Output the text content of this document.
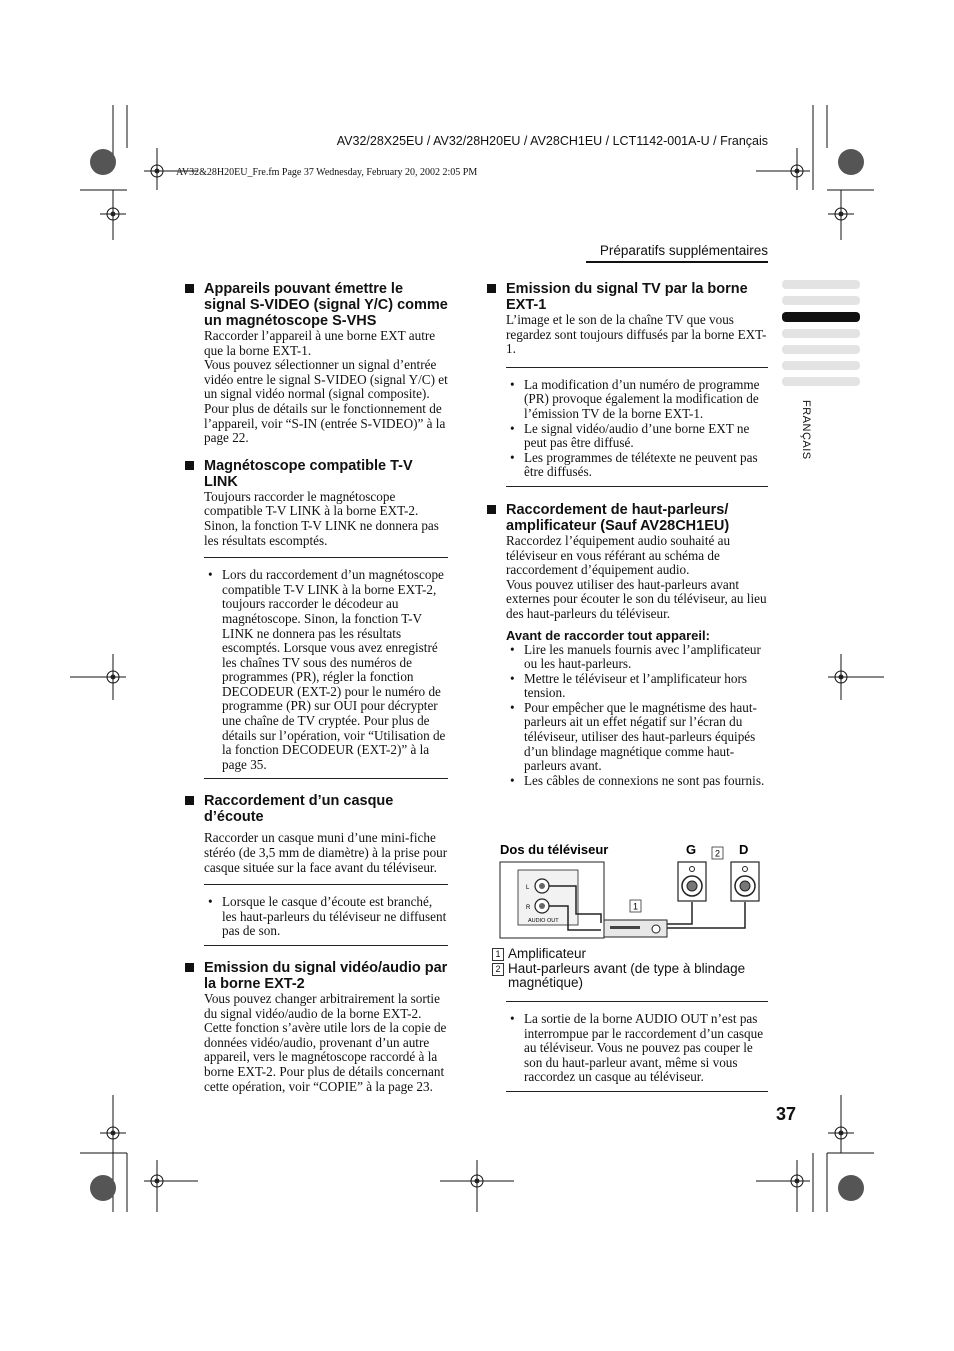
AV32/28X25EU / AV32/28H20EU / AV28CH1EU / LCT1142-001A-U / Français
AV32&28H20EU_Fre.fm Page 37 Wednesday, February 20, 2002 2:05 PM
Préparatifs supplémentaires
FRANÇAIS

Appareils pouvant émettre le signal S-VIDEO (signal Y/C) comme un magnétoscope S-VHS

Raccorder l’appareil à une borne EXT autre que la borne EXT-1.

Vous pouvez sélectionner un signal d’entrée vidéo entre le signal S-VIDEO (signal Y/C) et un signal vidéo normal (signal composite). Pour plus de détails sur le fonctionnement de l’appareil, voir “S-IN (entrée S-VIDEO)” à la page 22.

Magnétoscope compatible T-V LINK

Toujours raccorder le magnétoscope compatible T-V LINK à la borne EXT-2. Sinon, la fonction T-V LINK ne donnera pas les résultats escomptés.

• Lors du raccordement d’un magnétoscope compatible T-V LINK à la borne EXT-2, toujours raccorder le décodeur au magnétoscope. Sinon, la fonction T-V LINK ne donnera pas les résultats escomptés. Lorsque vous avez enregistré les chaînes TV sous des numéros de programmes (PR), régler la fonction DECODEUR (EXT-2) pour le numéro de programme (PR) sur OUI pour décrypter une chaîne de TV cryptée. Pour plus de détails sur l’opération, voir “Utilisation de la fonction DECODEUR (EXT-2)” à la page 35.

Raccordement d’un casque d’écoute

Raccorder un casque muni d’une mini-fiche stéréo (de 3,5 mm de diamètre) à la prise pour casque située sur la face avant du téléviseur.

• Lorsque le casque d’écoute est branché, les haut-parleurs du téléviseur ne diffusent pas de son.

Emission du signal vidéo/audio par la borne EXT-2

Vous pouvez changer arbitrairement la sortie du signal vidéo/audio de la borne EXT-2. Cette fonction s’avère utile lors de la copie de données vidéo/audio, provenant d’un autre appareil, vers le magnétoscope raccordé à la borne EXT-2. Pour plus de détails concernant cette opération, voir “COPIE” à la page 23.

Emission du signal TV par la borne EXT-1

L’image et le son de la chaîne TV que vous regardez sont toujours diffusés par la borne EXT-1.

• La modification d’un numéro de programme (PR) provoque également la modification de l’émission TV de la borne EXT-1.
• Le signal vidéo/audio d’une borne EXT ne peut pas être diffusé.
• Les programmes de télétexte ne peuvent pas être diffusés.

Raccordement de haut-parleurs/ amplificateur (Sauf AV28CH1EU)

Raccordez l’équipement audio souhaité au téléviseur en vous référant au schéma de raccordement d’équipement audio.

Vous pouvez utiliser des haut-parleurs avant externes pour écouter le son du téléviseur, au lieu des haut-parleurs du téléviseur.

Avant de raccorder tout appareil:

• Lire les manuels fournis avec l’amplificateur ou les haut-parleurs.
• Mettre le téléviseur et l’amplificateur hors tension.
• Pour empêcher que le magnétisme des haut-parleurs ait un effet négatif sur l’écran du téléviseur, utiliser des haut-parleurs équipés d’un blindage magnétique comme haut-parleurs avant.
• Les câbles de connexions ne sont pas fournis.
Dos du téléviseur	G	D
2
L
R
AUDIO OUT
1
1 Amplificateur
2 Haut-parleurs avant (de type à blindage magnétique)
• La sortie de la borne AUDIO OUT n’est pas interrompue par le raccordement d’un casque au téléviseur. Vous ne pouvez pas couper le son du haut-parleur avant, même si vous raccordez un casque au téléviseur.
37
